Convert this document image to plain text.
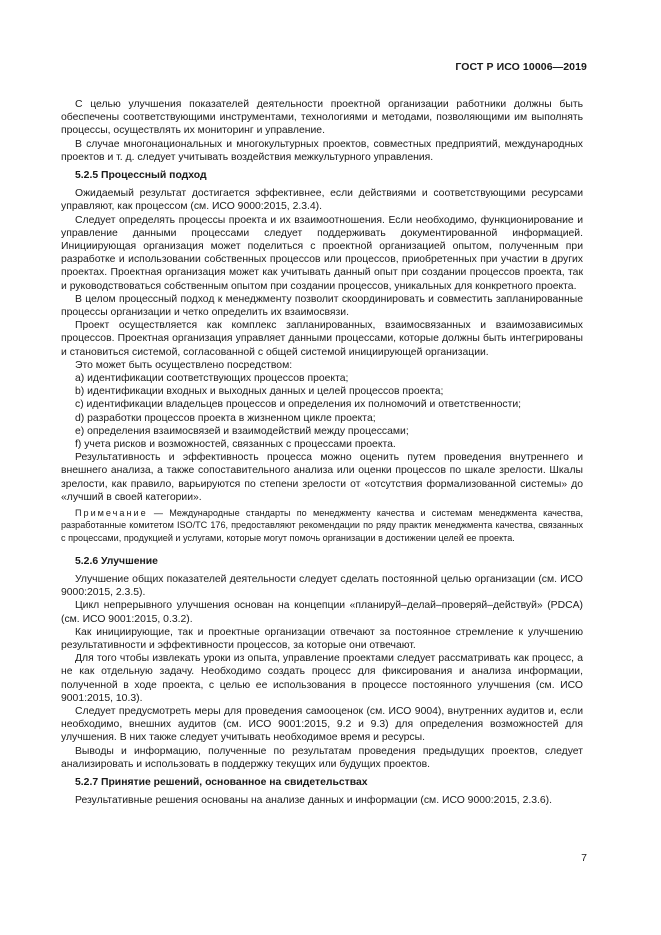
ГОСТ Р ИСО 10006—2019

С целью улучшения показателей деятельности проектной организации работники должны быть обеспечены соответствующими инструментами, технологиями и методами, позволяющими им выполнять процессы, осуществлять их мониторинг и управление.

В случае многонациональных и многокультурных проектов, совместных предприятий, международных проектов и т. д. следует учитывать воздействия межкультурного управления.

5.2.5 Процессный подход

Ожидаемый результат достигается эффективнее, если действиями и соответствующими ресурсами управляют, как процессом (см. ИСО 9000:2015, 2.3.4).

Следует определять процессы проекта и их взаимоотношения. Если необходимо, функционирование и управление данными процессами следует поддерживать документированной информацией. Инициирующая организация может поделиться с проектной организацией опытом, полученным при разработке и использовании собственных процессов или процессов, приобретенных при участии в других проектах. Проектная организация может как учитывать данный опыт при создании процессов проекта, так и руководствоваться собственным опытом при создании процессов, уникальных для конкретного проекта.

В целом процессный подход к менеджменту позволит скоординировать и совместить запланированные процессы организации и четко определить их взаимосвязи.

Проект осуществляется как комплекс запланированных, взаимосвязанных и взаимозависимых процессов. Проектная организация управляет данными процессами, которые должны быть интегрированы и становиться системой, согласованной с общей системой инициирующей организации.

Это может быть осуществлено посредством:

a) идентификации соответствующих процессов проекта;

b) идентификации входных и выходных данных и целей процессов проекта;

c) идентификации владельцев процессов и определения их полномочий и ответственности;

d) разработки процессов проекта в жизненном цикле проекта;

e) определения взаимосвязей и взаимодействий между процессами;

f) учета рисков и возможностей, связанных с процессами проекта.

Результативность и эффективность процесса можно оценить путем проведения внутреннего и внешнего анализа, а также сопоставительного анализа или оценки процессов по шкале зрелости. Шкалы зрелости, как правило, варьируются по степени зрелости от «отсутствия формализованной системы» до «лучший в своей категории».

Примечание — Международные стандарты по менеджменту качества и системам менеджмента качества, разработанные комитетом ISO/TC 176, предоставляют рекомендации по ряду практик менеджмента качества, связанных с процессами, продукцией и услугами, которые могут помочь организации в достижении целей ее проекта.

5.2.6 Улучшение

Улучшение общих показателей деятельности следует сделать постоянной целью организации (см. ИСО 9000:2015, 2.3.5).

Цикл непрерывного улучшения основан на концепции «планируй–делай–проверяй–действуй» (PDCA) (см. ИСО 9001:2015, 0.3.2).

Как инициирующие, так и проектные организации отвечают за постоянное стремление к улучшению результативности и эффективности процессов, за которые они отвечают.

Для того чтобы извлекать уроки из опыта, управление проектами следует рассматривать как процесс, а не как отдельную задачу. Необходимо создать процесс для фиксирования и анализа информации, полученной в ходе проекта, с целью ее использования в процессе постоянного улучшения (см. ИСО 9001:2015, 10.3).

Следует предусмотреть меры для проведения самооценок (см. ИСО 9004), внутренних аудитов и, если необходимо, внешних аудитов (см. ИСО 9001:2015, 9.2 и 9.3) для определения возможностей для улучшения. В них также следует учитывать необходимое время и ресурсы.

Выводы и информацию, полученные по результатам проведения предыдущих проектов, следует анализировать и использовать в поддержку текущих или будущих проектов.

5.2.7 Принятие решений, основанное на свидетельствах

Результативные решения основаны на анализе данных и информации (см. ИСО 9000:2015, 2.3.6).

7
